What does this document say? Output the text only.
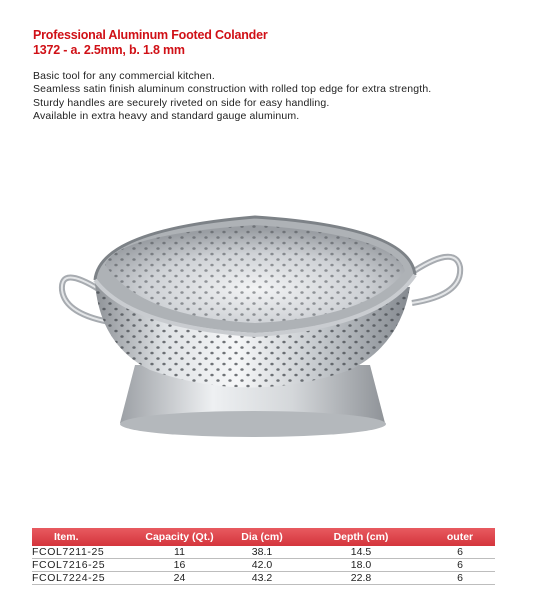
Professional Aluminum Footed Colander
1372 - a. 2.5mm, b. 1.8 mm
Basic tool for any commercial kitchen.
Seamless satin finish aluminum construction with rolled top edge for extra strength.
Sturdy handles are securely riveted on side for easy handling.
Available in extra heavy and standard gauge aluminum.
Item.	Capacity (Qt.)	Dia (cm)	Depth (cm)	outer
FCOL7211-25	11	38.1	14.5	6
FCOL7216-25	16	42.0	18.0	6
FCOL7224-25	24	43.2	22.8	6
